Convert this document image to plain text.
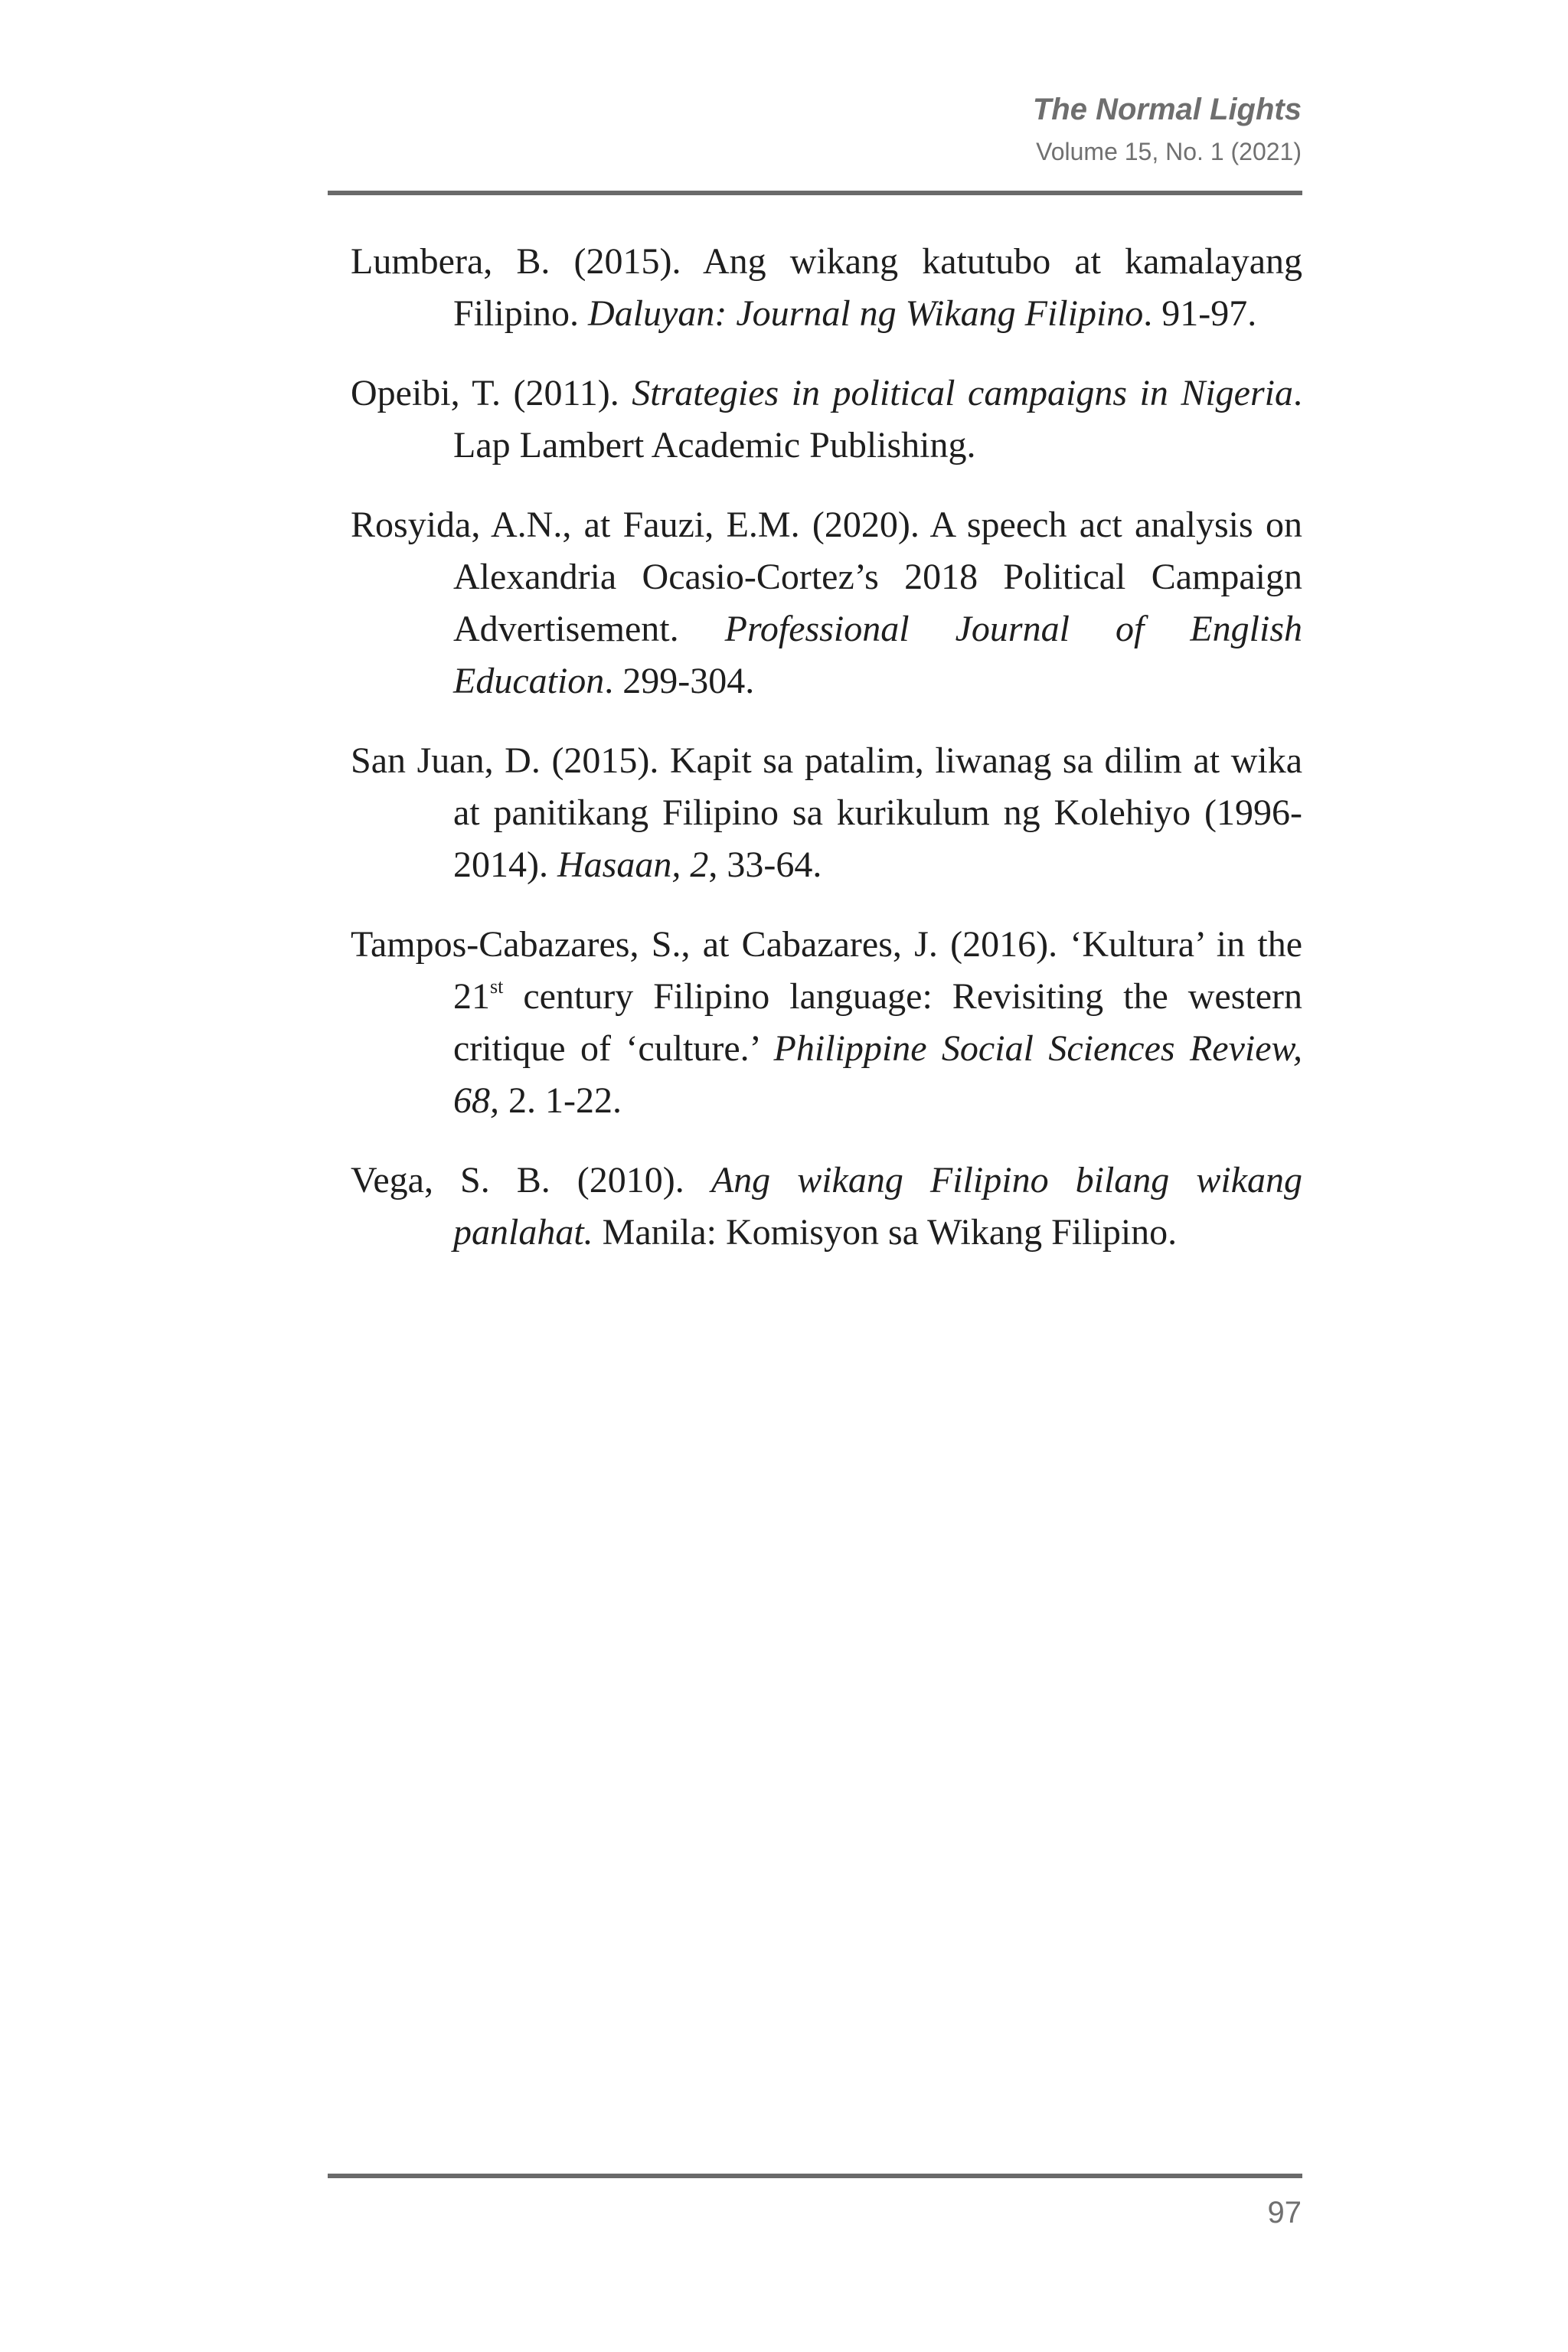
The Normal Lights
Volume 15, No. 1 (2021)

Lumbera, B. (2015). Ang wikang katutubo at kamalayang Filipino. Daluyan: Journal ng Wikang Filipino. 91-97.

Opeibi, T. (2011). Strategies in political campaigns in Nigeria. Lap Lambert Academic Publishing.

Rosyida, A.N., at Fauzi, E.M. (2020). A speech act analysis on Alexandria Ocasio-Cortez’s 2018 Political Campaign Advertisement. Professional Journal of English Education. 299-304.

San Juan, D. (2015). Kapit sa patalim, liwanag sa dilim at wika at panitikang Filipino sa kurikulum ng Kolehiyo (1996-2014). Hasaan, 2, 33-64.

Tampos-Cabazares, S., at Cabazares, J. (2016). ‘Kultura’ in the 21st century Filipino language: Revisiting the western critique of ‘culture.’ Philippine Social Sciences Review, 68, 2. 1-22.

Vega, S. B. (2010). Ang wikang Filipino bilang wikang panlahat. Manila: Komisyon sa Wikang Filipino.

97
